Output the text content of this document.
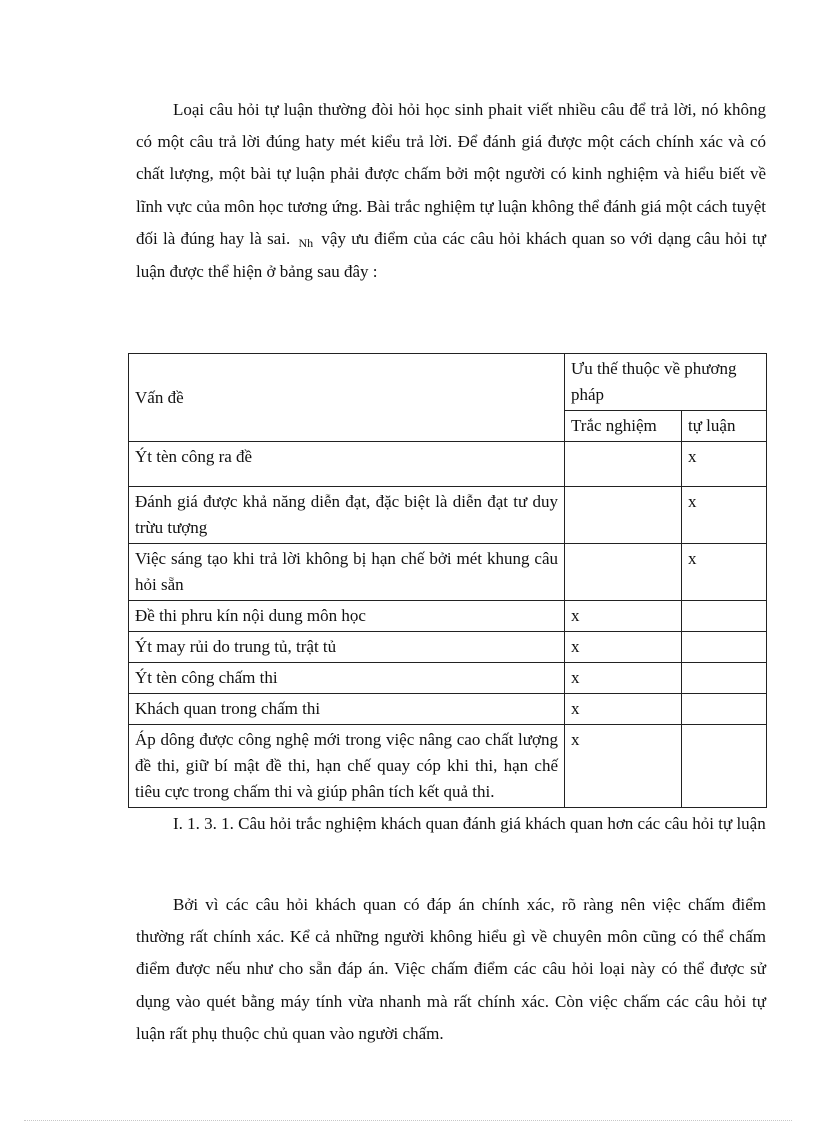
Loại câu hỏi tự luận thường đòi hỏi học sinh phait viết nhiều câu để trả lời, nó không có một câu trả lời đúng haty mét kiểu trả lời. Để đánh giá được một cách chính xác và có chất lượng, một bài tự luận phải được chấm bởi một người có kinh nghiệm và hiểu biết về lĩnh vực của môn học tương ứng. Bài trắc nghiệm tự luận không thể đánh giá một cách tuyệt đối là đúng hay là sai. Nh vậy ưu điểm của các câu hỏi khách quan so với dạng câu hỏi tự luận được thể hiện ở bảng sau đây :

Vấn đề	Ưu thế thuộc về phương pháp	
	Trắc nghiệm	tự luận
Ýt tèn công ra đề		x
Đánh giá được khả năng diễn đạt, đặc biệt là diễn đạt tư duy trừu tượng		x
Việc sáng tạo khi trả lời không bị hạn chế bởi mét khung câu hỏi sẵn		x
Đề thi phru kín nội dung môn học	x	
Ýt may rủi do trung tủ, trật tủ	x	
Ýt tèn công chấm thi	x	
Khách quan trong chấm thi	x	
Áp dông được công nghệ mới trong việc nâng cao chất lượng đề thi, giữ bí mật đề thi, hạn chế quay cóp khi thi, hạn chế tiêu cực trong chấm thi và giúp phân tích kết quả thi.	x	

I. 1. 3. 1. Câu hỏi trắc nghiệm khách quan đánh giá khách quan hơn các câu hỏi tự luận

Bởi vì các câu hỏi khách quan có đáp án chính xác, rõ ràng nên việc chấm điểm thường rất chính xác. Kể cả những người không hiểu gì về chuyên môn cũng có thể chấm điểm được nếu như cho sẵn đáp án. Việc chấm điểm các câu hỏi loại này có thể được sử dụng vào quét bằng máy tính vừa nhanh mà rất chính xác. Còn việc chấm các câu hỏi tự luận rất phụ thuộc chủ quan vào người chấm.
